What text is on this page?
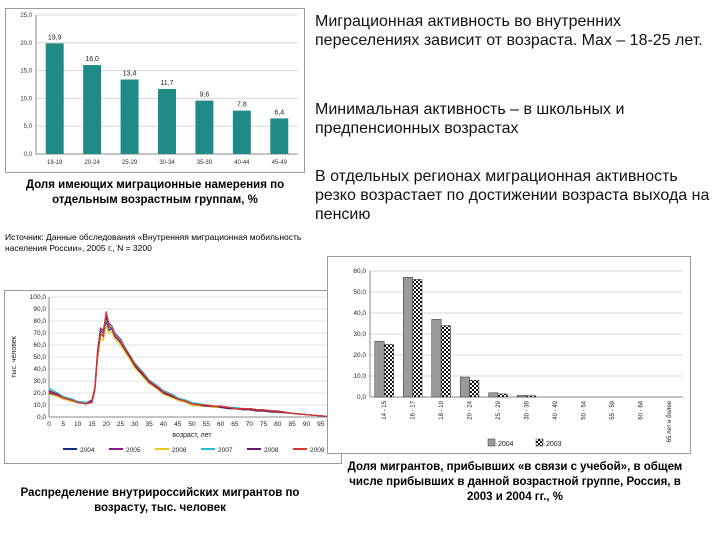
0,0
5,0
10,0
15,0
20,0
25,0
19,9
18-19
16,0
20-24
13,4
25-29
11,7
30-34
9,6
35-39
7,8
40-44
6,4
45-49
Доля имеющих миграционные намерения по отдельным возрастным группам, %
Источник: Данные обследования «Внутренняя миграционная мобильность населения России», 2005 г., N = 3200
0,0
10,0
20,0
30,0
40,0
50,0
60,0
70,0
80,0
90,0
100,0
0 5 10 15 20 25 30 35 40 45 50 55 60 65 70 75 80 85 90 95
тыс. человек
возраст, лет
2004	2005	2006	2007	2008	2009
Распределение внутрироссийских мигрантов по возрасту, тыс. человек
0,0
10,0
20,0
30,0
40,0
50,0
60,0
14 - 15	16 - 17	18 - 19	20 - 24	25 - 29	30 - 39	40 - 49	50 - 54	55 - 59	60 - 64	65 лет и более
2004	2003
Доля мигрантов, прибывших «в связи с учебой», в общем числе прибывших в данной возрастной группе, Россия, в 2003 и 2004 гг., %
Миграционная активность во внутренних переселениях зависит от возраста. Max – 18-25 лет.
Минимальная активность – в школьных и предпенсионных возрастах
В отдельных регионах миграционная активность резко возрастает по достижении возраста выхода на пенсию
